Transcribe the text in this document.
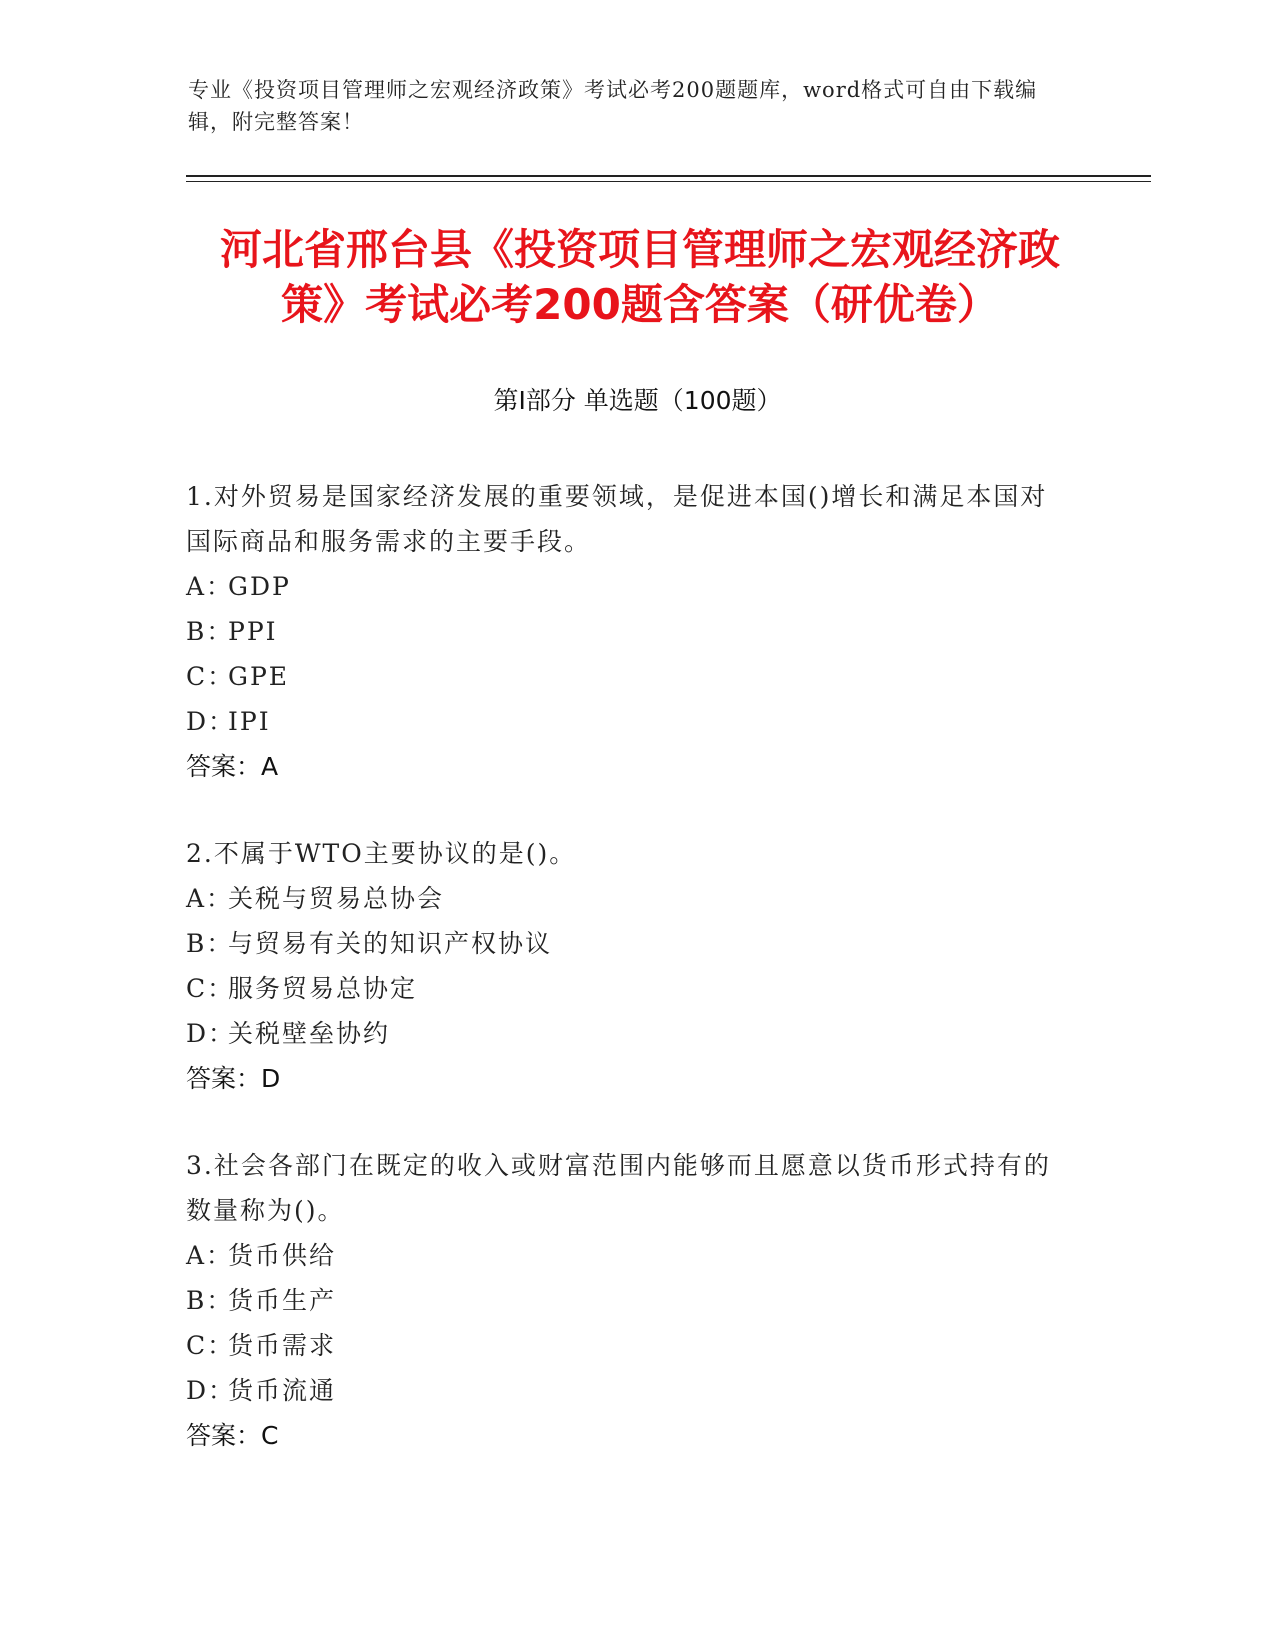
专业《投资项目管理师之宏观经济政策》考试必考200题题库，word格式可自由下载编辑，附完整答案！
河北省邢台县《投资项目管理师之宏观经济政策》考试必考200题含答案（研优卷）
第I部分 单选题（100题）

1.对外贸易是国家经济发展的重要领域，是促进本国()增长和满足本国对国际商品和服务需求的主要手段。

A：GDP

B：PPI

C：GPE

D：IPI

答案：A

2.不属于WTO主要协议的是()。

A：关税与贸易总协会

B：与贸易有关的知识产权协议

C：服务贸易总协定

D：关税壁垒协约

答案：D

3.社会各部门在既定的收入或财富范围内能够而且愿意以货币形式持有的数量称为()。

A：货币供给

B：货币生产

C：货币需求

D：货币流通

答案：C
